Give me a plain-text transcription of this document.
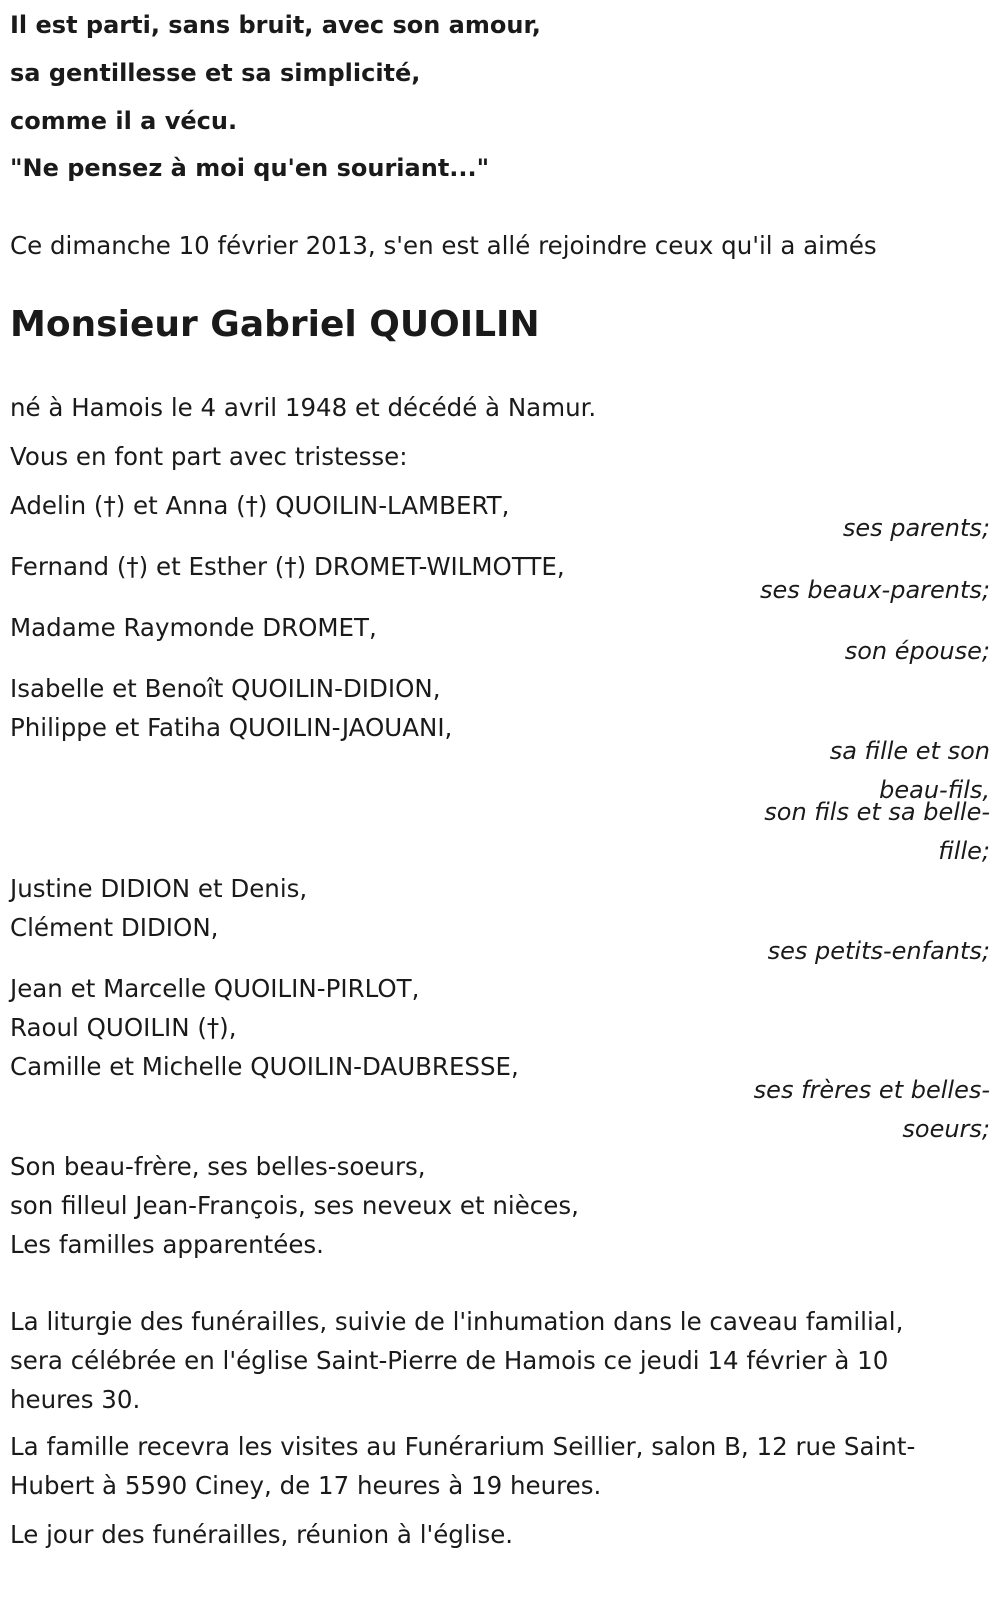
Il est parti, sans bruit, avec son amour,
sa gentillesse et sa simplicité,
comme il a vécu.
"Ne pensez à moi qu'en souriant..."
Ce dimanche 10 février 2013, s'en est allé rejoindre ceux qu'il a aimés
Monsieur Gabriel QUOILIN
né à Hamois le 4 avril 1948 et décédé à Namur.
Vous en font part avec tristesse:
Adelin (†) et Anna (†) QUOILIN-LAMBERT,
ses parents;
Fernand (†) et Esther (†) DROMET-WILMOTTE,
ses beaux-parents;
Madame Raymonde DROMET,
son épouse;
Isabelle et Benoît QUOILIN-DIDION,
Philippe et Fatiha QUOILIN-JAOUANI,
sa fille et son
beau-fils,
son fils et sa belle-
fille;
Justine DIDION et Denis,
Clément DIDION,
ses petits-enfants;
Jean et Marcelle QUOILIN-PIRLOT,
Raoul QUOILIN (†),
Camille et Michelle QUOILIN-DAUBRESSE,
ses frères et belles-
soeurs;
Son beau-frère, ses belles-soeurs,
son filleul Jean-François, ses neveux et nièces,
Les familles apparentées.
La liturgie des funérailles, suivie de l'inhumation dans le caveau familial,
sera célébrée en l'église Saint-Pierre de Hamois ce jeudi 14 février à 10
heures 30.
La famille recevra les visites au Funérarium Seillier, salon B, 12 rue Saint-
Hubert à 5590 Ciney, de 17 heures à 19 heures.
Le jour des funérailles, réunion à l'église.
